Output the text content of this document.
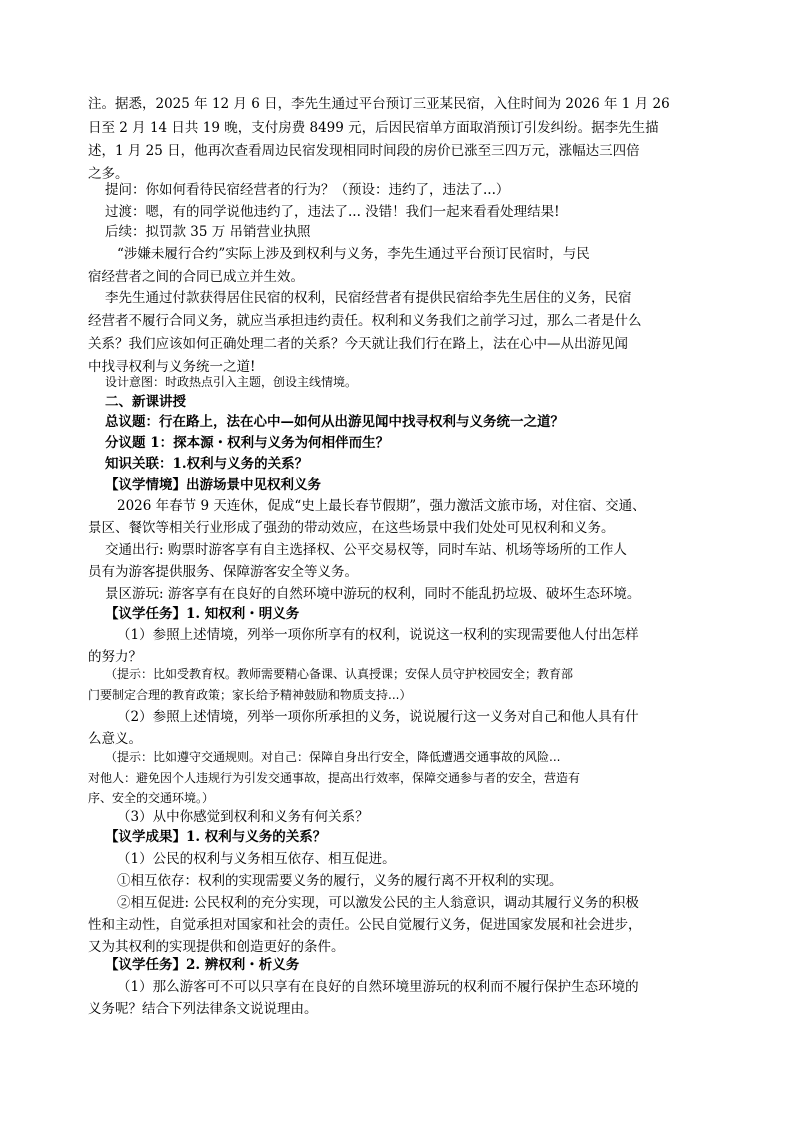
注。据悉，2025 年 12 月 6 日，李先生通过平台预订三亚某民宿，入住时间为 2026 年 1 月 26
日至 2 月 14 日共 19 晚，支付房费 8499 元，后因民宿单方面取消预订引发纠纷。据李先生描
述，1 月 25 日，他再次查看周边民宿发现相同时间段的房价已涨至三四万元，涨幅达三四倍
之多。
提问：你如何看待民宿经营者的行为？（预设：违约了，违法了...）
过渡：嗯，有的同学说他违约了，违法了... 没错！我们一起来看看处理结果!
后续：拟罚款 35 万 吊销营业执照
“涉嫌未履行合约”实际上涉及到权利与义务，李先生通过平台预订民宿时，与民
宿经营者之间的合同已成立并生效。
李先生通过付款获得居住民宿的权利，民宿经营者有提供民宿给李先生居住的义务，民宿
经营者不履行合同义务，就应当承担违约责任。权利和义务我们之前学习过，那么二者是什么
关系？我们应该如何正确处理二者的关系？今天就让我们行在路上，法在心中—从出游见闻
中找寻权利与义务统一之道!
设计意图：时政热点引入主题，创设主线情境。
二、新课讲授
总议题：行在路上，法在心中—如何从出游见闻中找寻权利与义务统一之道？
分议题 1：探本源・权利与义务为何相伴而生？
知识关联：1.权利与义务的关系？
【议学情境】出游场景中见权利义务
2026 年春节 9 天连休，促成“史上最长春节假期”，强力激活文旅市场，对住宿、交通、
景区、餐饮等相关行业形成了强劲的带动效应，在这些场景中我们处处可见权利和义务。
交通出行: 购票时游客享有自主选择权、公平交易权等，同时车站、机场等场所的工作人
员有为游客提供服务、保障游客安全等义务。
景区游玩: 游客享有在良好的自然环境中游玩的权利，同时不能乱扔垃圾、破坏生态环境。
【议学任务】1. 知权利・明义务
（1）参照上述情境，列举一项你所享有的权利，说说这一权利的实现需要他人付出怎样
的努力？
（提示：比如受教育权。教师需要精心备课、认真授课；安保人员守护校园安全；教育部
门要制定合理的教育政策；家长给予精神鼓励和物质支持...）
（2）参照上述情境，列举一项你所承担的义务，说说履行这一义务对自己和他人具有什
么意义。
（提示：比如遵守交通规则。对自己：保障自身出行安全，降低遭遇交通事故的风险...
对他人：避免因个人违规行为引发交通事故，提高出行效率，保障交通参与者的安全，营造有
序、安全的交通环境。）
（3）从中你感觉到权利和义务有何关系？
【议学成果】1. 权利与义务的关系？
（1）公民的权利与义务相互依存、相互促进。
①相互依存：权利的实现需要义务的履行，义务的履行离不开权利的实现。
②相互促进: 公民权利的充分实现，可以激发公民的主人翁意识，调动其履行义务的积极
性和主动性，自觉承担对国家和社会的责任。公民自觉履行义务，促进国家发展和社会进步，
又为其权利的实现提供和创造更好的条件。
【议学任务】2. 辨权利・析义务
（1）那么游客可不可以只享有在良好的自然环境里游玩的权利而不履行保护生态环境的
义务呢？结合下列法律条文说说理由。
